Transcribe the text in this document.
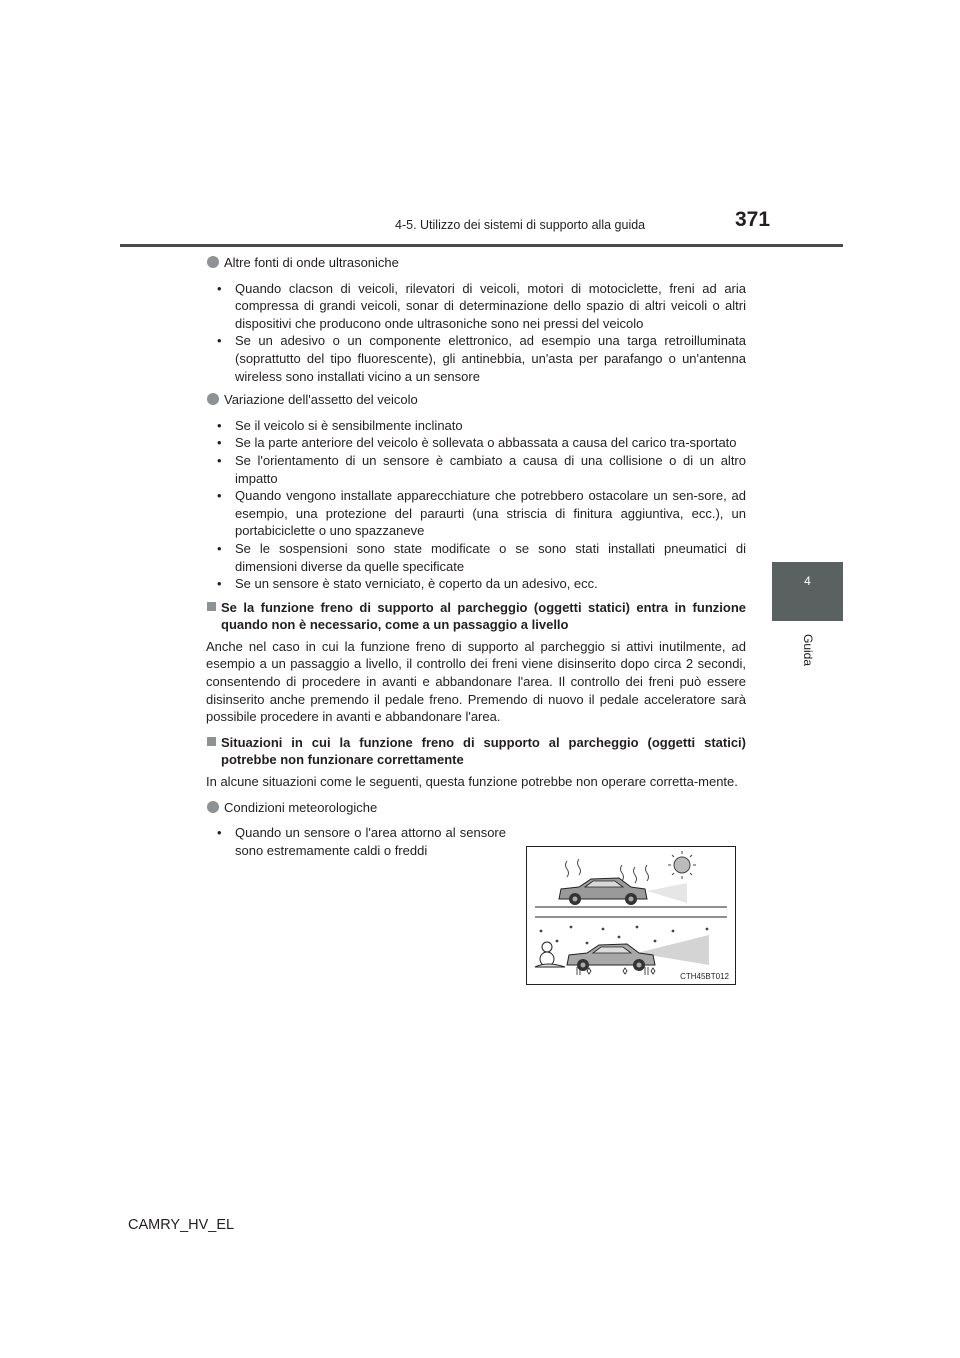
4-5. Utilizzo dei sistemi di supporto alla guida	371
4
Guida
Altre fonti di onde ultrasoniche
• Quando clacson di veicoli, rilevatori di veicoli, motori di motociclette, freni ad aria compressa di grandi veicoli, sonar di determinazione dello spazio di altri veicoli o altri dispositivi che producono onde ultrasoniche sono nei pressi del veicolo
• Se un adesivo o un componente elettronico, ad esempio una targa retroilluminata (soprattutto del tipo fluorescente), gli antinebbia, un'asta per parafango o un'antenna wireless sono installati vicino a un sensore
Variazione dell'assetto del veicolo
• Se il veicolo si è sensibilmente inclinato
• Se la parte anteriore del veicolo è sollevata o abbassata a causa del carico tra-sportato
• Se l'orientamento di un sensore è cambiato a causa di una collisione o di un altro impatto
• Quando vengono installate apparecchiature che potrebbero ostacolare un sen-sore, ad esempio, una protezione del paraurti (una striscia di finitura aggiuntiva, ecc.), un portabiciclette o uno spazzaneve
• Se le sospensioni sono state modificate o se sono stati installati pneumatici di dimensioni diverse da quelle specificate
• Se un sensore è stato verniciato, è coperto da un adesivo, ecc.
Se la funzione freno di supporto al parcheggio (oggetti statici) entra in funzione quando non è necessario, come a un passaggio a livello
Anche nel caso in cui la funzione freno di supporto al parcheggio si attivi inutilmente, ad esempio a un passaggio a livello, il controllo dei freni viene disinserito dopo circa 2 secondi, consentendo di procedere in avanti e abbandonare l'area. Il controllo dei freni può essere disinserito anche premendo il pedale freno. Premendo di nuovo il pedale acceleratore sarà possibile procedere in avanti e abbandonare l'area.
Situazioni in cui la funzione freno di supporto al parcheggio (oggetti statici) potrebbe non funzionare correttamente
In alcune situazioni come le seguenti, questa funzione potrebbe non operare corretta-mente.
Condizioni meteorologiche
• Quando un sensore o l'area attorno al sensore sono estremamente caldi o freddi
CTH45BT012
CAMRY_HV_EL
